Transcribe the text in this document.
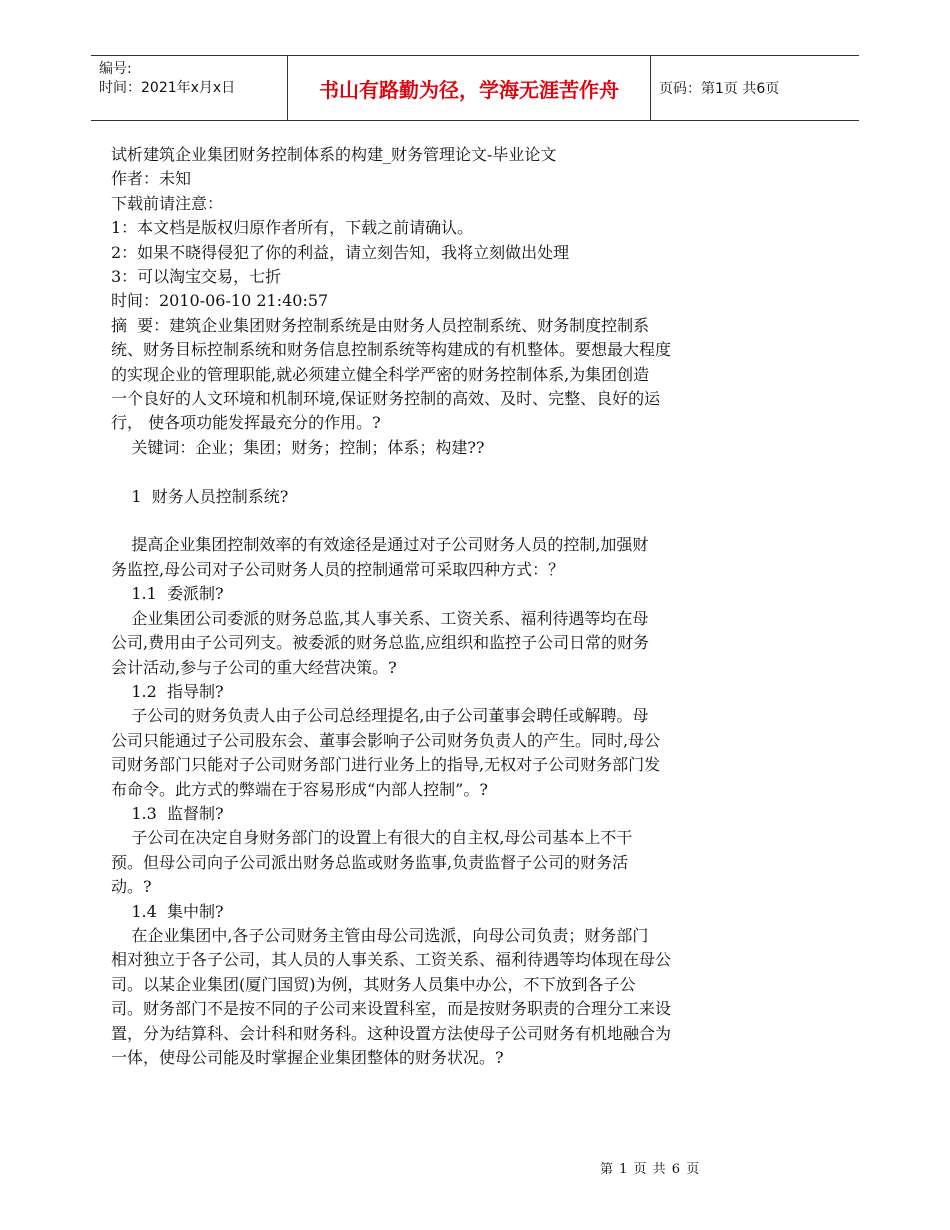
编号:
时间：2021年x月x日	书山有路勤为径，学海无涯苦作舟	页码：第1页 共6页

试析建筑企业集团财务控制体系的构建_财务管理论文-毕业论文

作者：未知

下载前请注意：

1：本文档是版权归原作者所有，下载之前请确认。

2：如果不晓得侵犯了你的利益，请立刻告知，我将立刻做出处理

3：可以淘宝交易，七折

时间：2010-06-10 21:40:57

摘  要：建筑企业集团财务控制系统是由财务人员控制系统、财务制度控制系

统、财务目标控制系统和财务信息控制系统等构建成的有机整体。要想最大程度

的实现企业的管理职能,就必须建立健全科学严密的财务控制体系,为集团创造

一个良好的人文环境和机制环境,保证财务控制的高效、及时、完整、良好的运

行， 使各项功能发挥最充分的作用。?

关键词：企业；集团；财务；控制；体系；构建??

1  财务人员控制系统?

提高企业集团控制效率的有效途径是通过对子公司财务人员的控制,加强财

务监控,母公司对子公司财务人员的控制通常可采取四种方式：？

1.1  委派制?

企业集团公司委派的财务总监,其人事关系、工资关系、福利待遇等均在母

公司,费用由子公司列支。被委派的财务总监,应组织和监控子公司日常的财务

会计活动,参与子公司的重大经营决策。?

1.2  指导制?

子公司的财务负责人由子公司总经理提名,由子公司董事会聘任或解聘。母

公司只能通过子公司股东会、董事会影响子公司财务负责人的产生。同时,母公

司财务部门只能对子公司财务部门进行业务上的指导,无权对子公司财务部门发

布命令。此方式的弊端在于容易形成“内部人控制”。?

1.3  监督制?

子公司在决定自身财务部门的设置上有很大的自主权,母公司基本上不干

预。但母公司向子公司派出财务总监或财务监事,负责监督子公司的财务活

动。?

1.4  集中制?

在企业集团中,各子公司财务主管由母公司选派，向母公司负责；财务部门

相对独立于各子公司，其人员的人事关系、工资关系、福利待遇等均体现在母公

司。以某企业集团(厦门国贸)为例，其财务人员集中办公，不下放到各子公

司。财务部门不是按不同的子公司来设置科室，而是按财务职责的合理分工来设

置，分为结算科、会计科和财务科。这种设置方法使母子公司财务有机地融合为

一体，使母公司能及时掌握企业集团整体的财务状况。?

第 1 页 共 6 页
